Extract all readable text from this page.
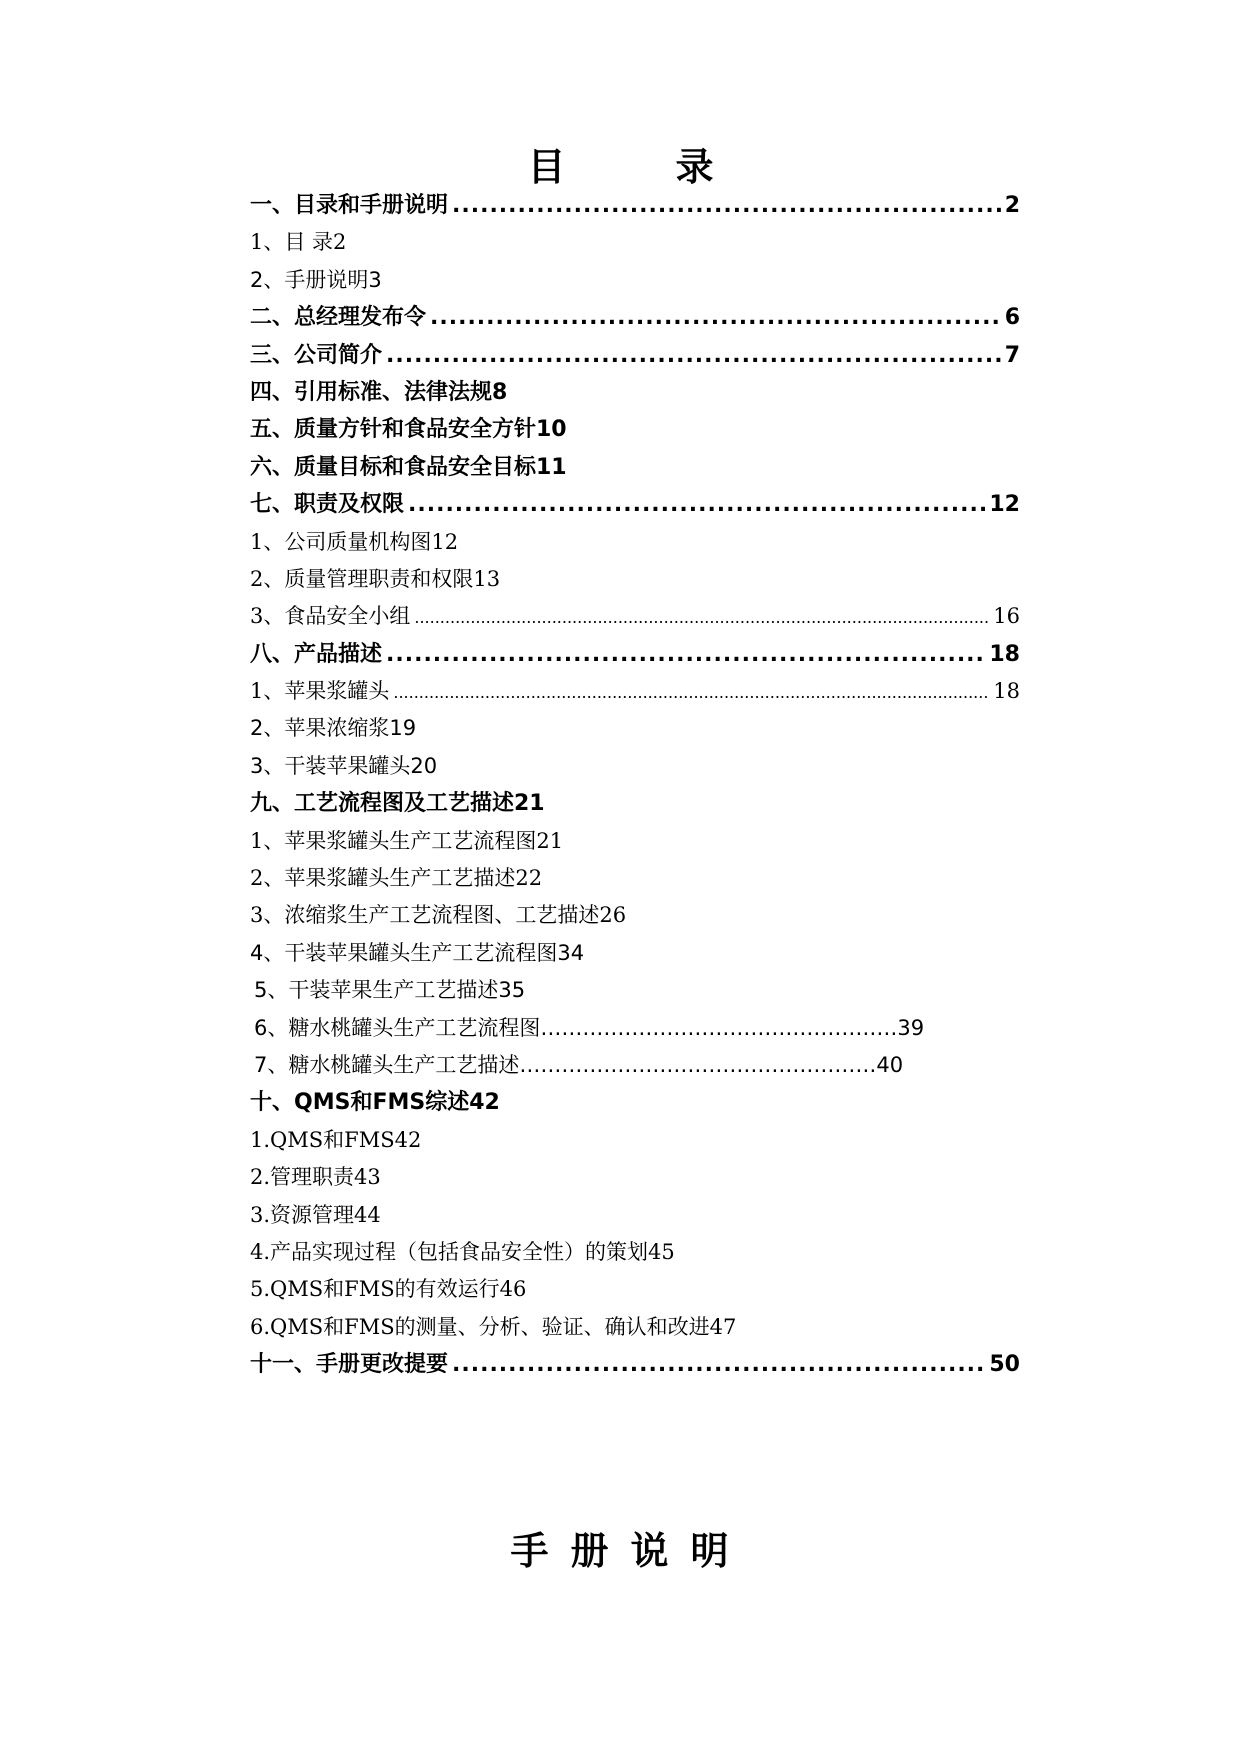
目　录
一、目录和手册说明 .....	2
1、目 录2
2、手册说明3
二、总经理发布令 .....	6
三、公司简介 .....	7
四、引用标准、法律法规8
五、质量方针和食品安全方针10
六、质量目标和食品安全目标11
七、职责及权限 .....	12
1、公司质量机构图12
2、质量管理职责和权限13
3、食品安全小组 .....	16
八、产品描述 .....	18
1、苹果浆罐头 .....	18
2、苹果浓缩浆19
3、干装苹果罐头20
九、工艺流程图及工艺描述21
1、苹果浆罐头生产工艺流程图21
2、苹果浆罐头生产工艺描述22
3、浓缩浆生产工艺流程图、工艺描述26
4、干装苹果罐头生产工艺流程图34
5、干装苹果生产工艺描述35
6、糖水桃罐头生产工艺流程图……………………………………………39
7、糖水桃罐头生产工艺描述……………………………………………40
十、QMS和FMS综述42
1.QMS和FMS42
2.管理职责43
3.资源管理44
4.产品实现过程（包括食品安全性）的策划45
5.QMS和FMS的有效运行46
6.QMS和FMS的测量、分析、验证、确认和改进47
十一、手册更改提要 .....	50
手册说明
